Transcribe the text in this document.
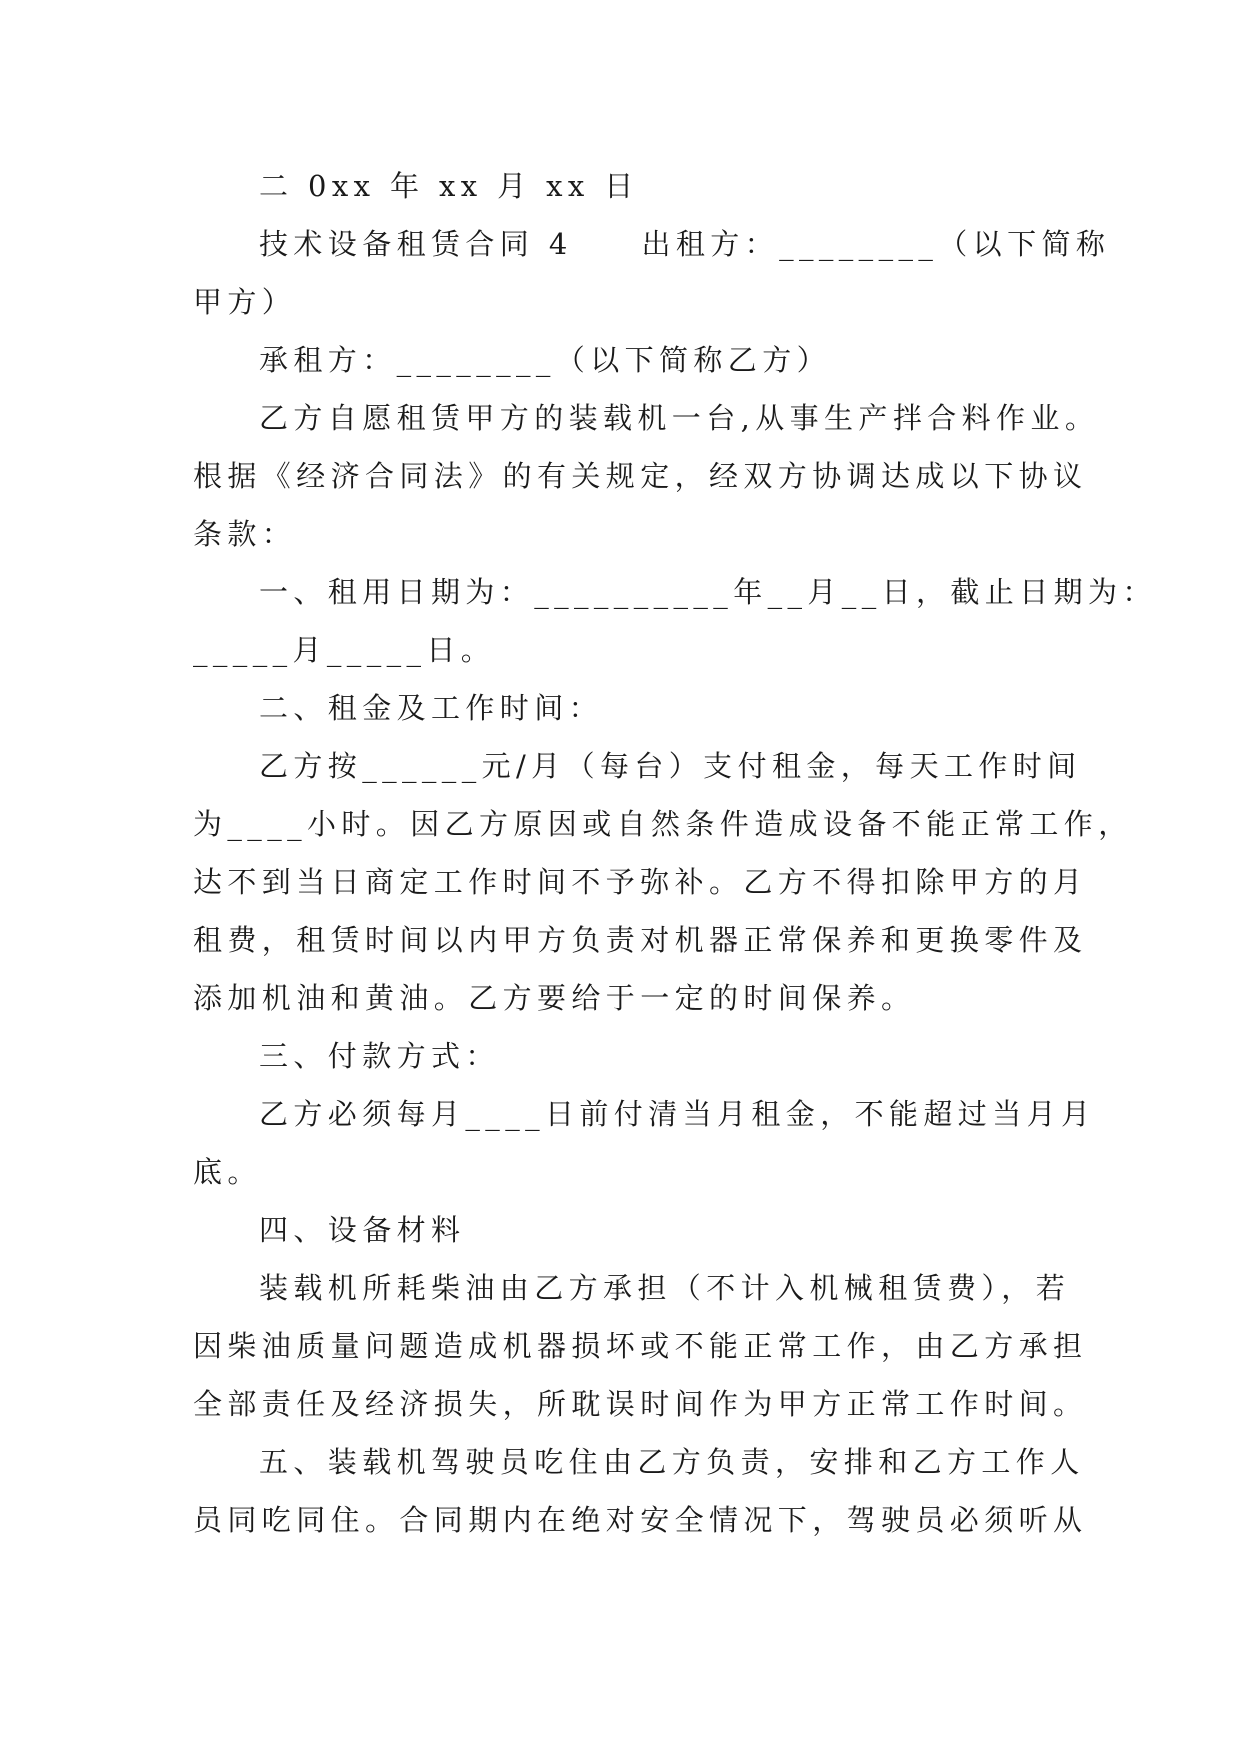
二 0xx 年 xx 月 xx 日
技术设备租赁合同 4　　出租方：________（以下简称
甲方）
承租方：________（以下简称乙方）
乙方自愿租赁甲方的装载机一台,从事生产拌合料作业。
根据《经济合同法》的有关规定，经双方协调达成以下协议
条款：
一、租用日期为：__________年__月__日，截止日期为：
_____月_____日。
二、租金及工作时间：
乙方按______元/月（每台）支付租金，每天工作时间
为____小时。因乙方原因或自然条件造成设备不能正常工作，
达不到当日商定工作时间不予弥补。乙方不得扣除甲方的月
租费，租赁时间以内甲方负责对机器正常保养和更换零件及
添加机油和黄油。乙方要给于一定的时间保养。
三、付款方式：
乙方必须每月____日前付清当月租金，不能超过当月月
底。
四、设备材料
装载机所耗柴油由乙方承担（不计入机械租赁费），若
因柴油质量问题造成机器损坏或不能正常工作，由乙方承担
全部责任及经济损失，所耽误时间作为甲方正常工作时间。
五、装载机驾驶员吃住由乙方负责，安排和乙方工作人
员同吃同住。合同期内在绝对安全情况下，驾驶员必须听从
